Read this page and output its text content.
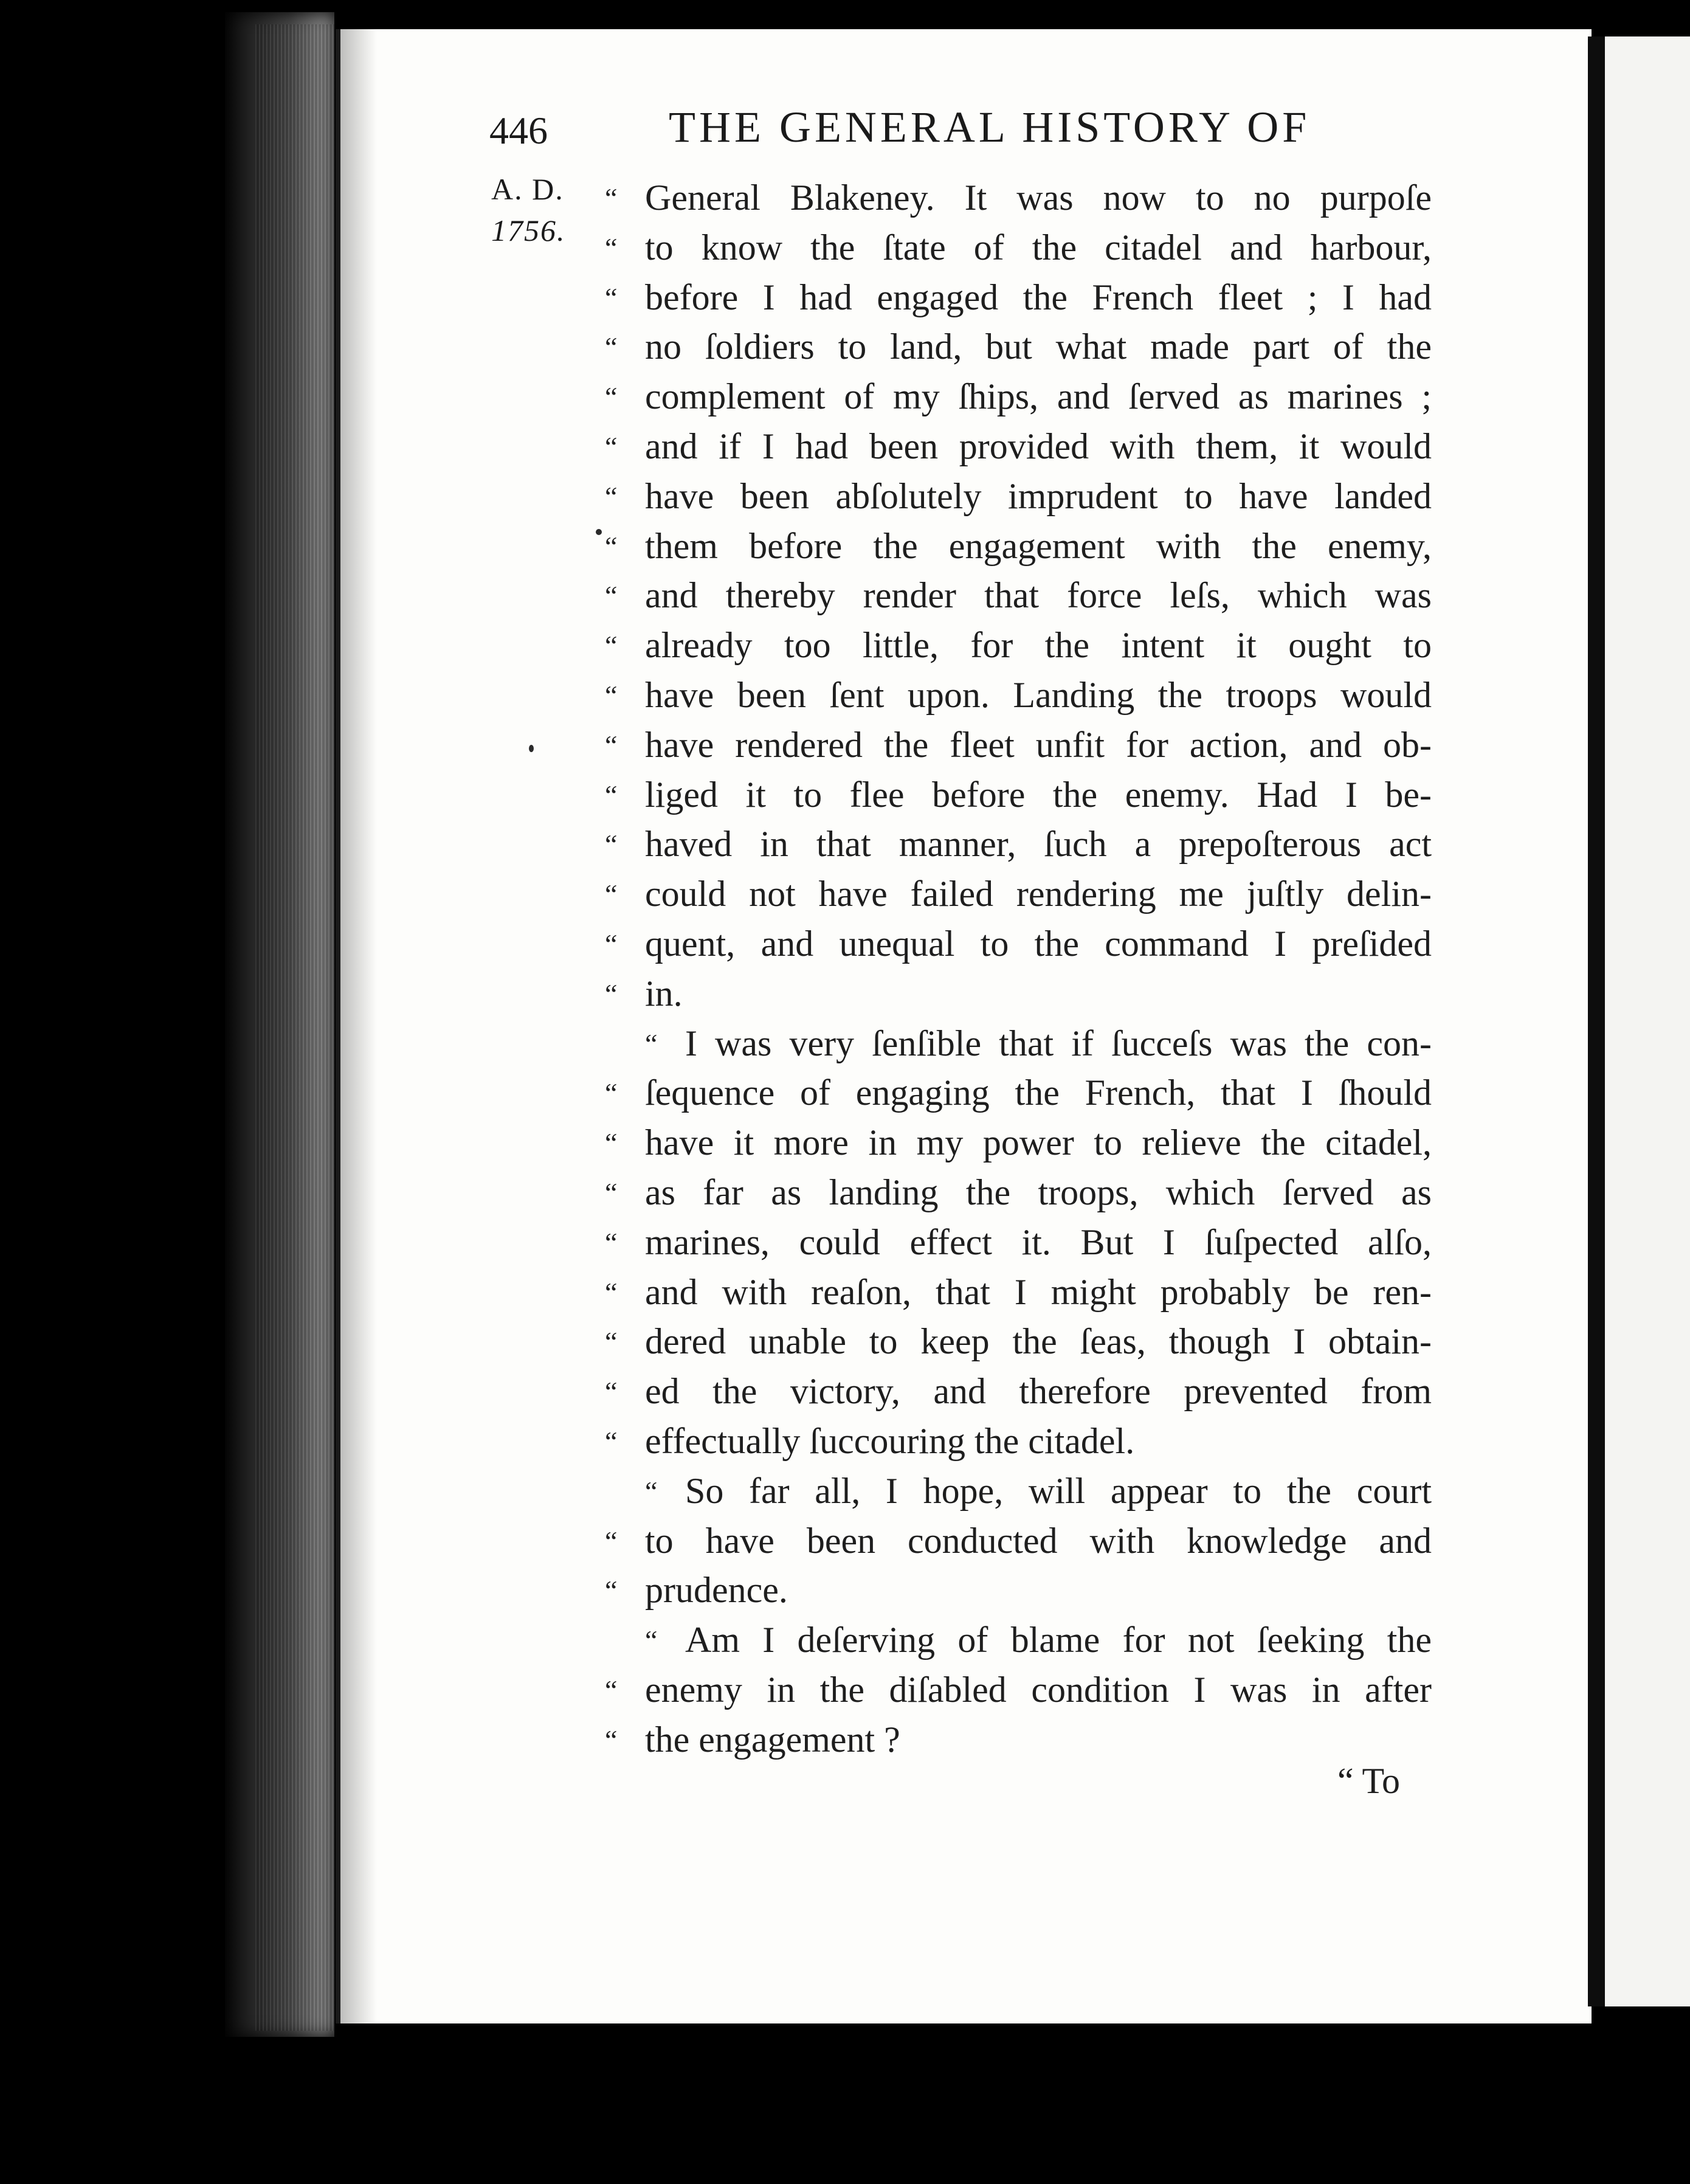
446	THE GENERAL HISTORY OF
A. D.
1756.
“ General Blakeney. It was now to no purpoſe
“ to know the ſtate of the citadel and harbour,
“ before I had engaged the French fleet ; I had
“ no ſoldiers to land, but what made part of the
“ complement of my ſhips, and ſerved as marines ;
“ and if I had been provided with them, it would
“ have been abſolutely imprudent to have landed
“ them before the engagement with the enemy,
“ and thereby render that force leſs, which was
“ already too little, for the intent it ought to
“ have been ſent upon. Landing the troops would
“ have rendered the fleet unfit for action, and ob-
“ liged it to flee before the enemy. Had I be-
“ haved in that manner, ſuch a prepoſterous act
“ could not have failed rendering me juſtly delin-
“ quent, and unequal to the command I preſided
“ in.
“ I was very ſenſible that if ſucceſs was the con-
“ ſequence of engaging the French, that I ſhould
“ have it more in my power to relieve the citadel,
“ as far as landing the troops, which ſerved as
“ marines, could effect it. But I ſuſpected alſo,
“ and with reaſon, that I might probably be ren-
“ dered unable to keep the ſeas, though I obtain-
“ ed the victory, and therefore prevented from
“ effectually ſuccouring the citadel.
“ So far all, I hope, will appear to the court
“ to have been conducted with knowledge and
“ prudence.
“ Am I deſerving of blame for not ſeeking the
“ enemy in the diſabled condition I was in after
“ the engagement ?
“ To
